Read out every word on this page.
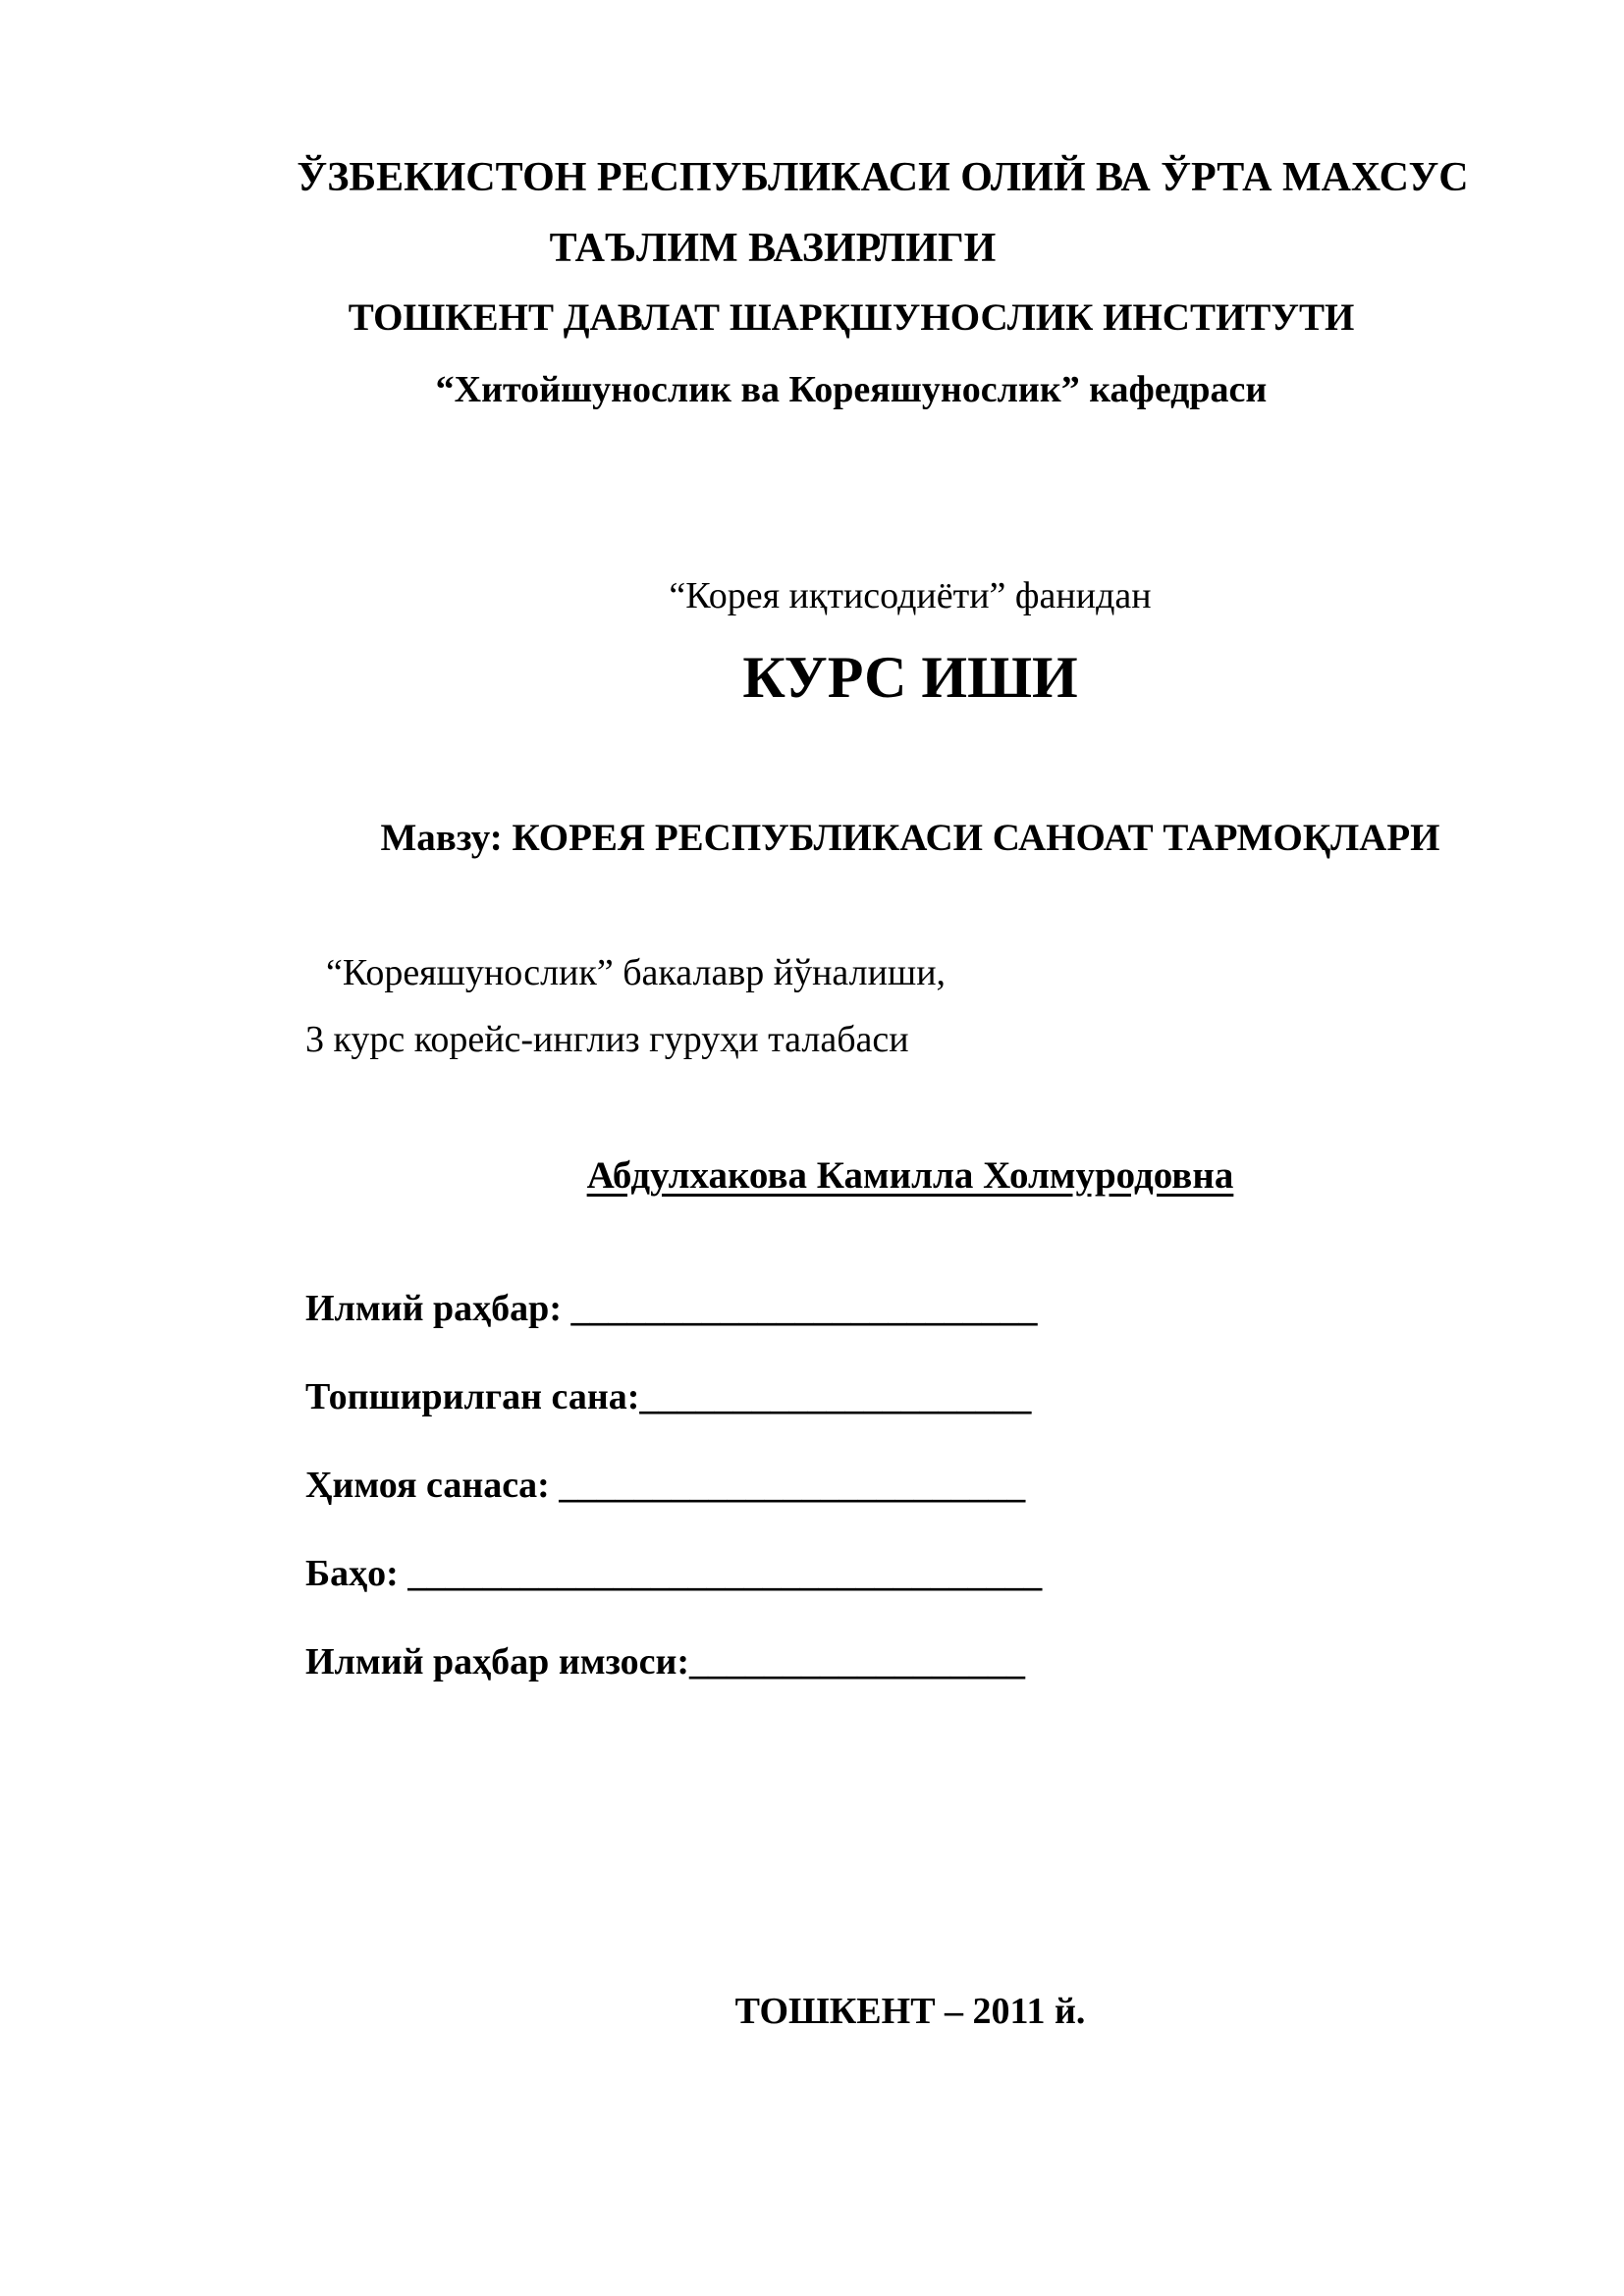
ЎЗБЕКИСТОН РЕСПУБЛИКАСИ ОЛИЙ ВА ЎРТА МАХСУС
ТАЪЛИМ ВАЗИРЛИГИ
ТОШКЕНТ ДАВЛАТ ШАРҚШУНОСЛИК ИНСТИТУТИ
“Хитойшунослик ва Кореяшунослик” кафедраси
“Корея иқтисодиёти” фанидан
КУРС ИШИ
Мавзу: КОРЕЯ РЕСПУБЛИКАСИ САНОАТ ТАРМОҚЛАРИ
“Кореяшунослик” бакалавр йўналиши,
3 курс корейс-инглиз гуруҳи талабаси
Абдулхакова Камилла Холмуродовна
Илмий раҳбар: _________________________
Топширилган сана:_____________________
Ҳимоя санаcа: _________________________
Баҳо: __________________________________
Илмий раҳбар имзоси:__________________
ТОШКЕНТ – 2011 й.
